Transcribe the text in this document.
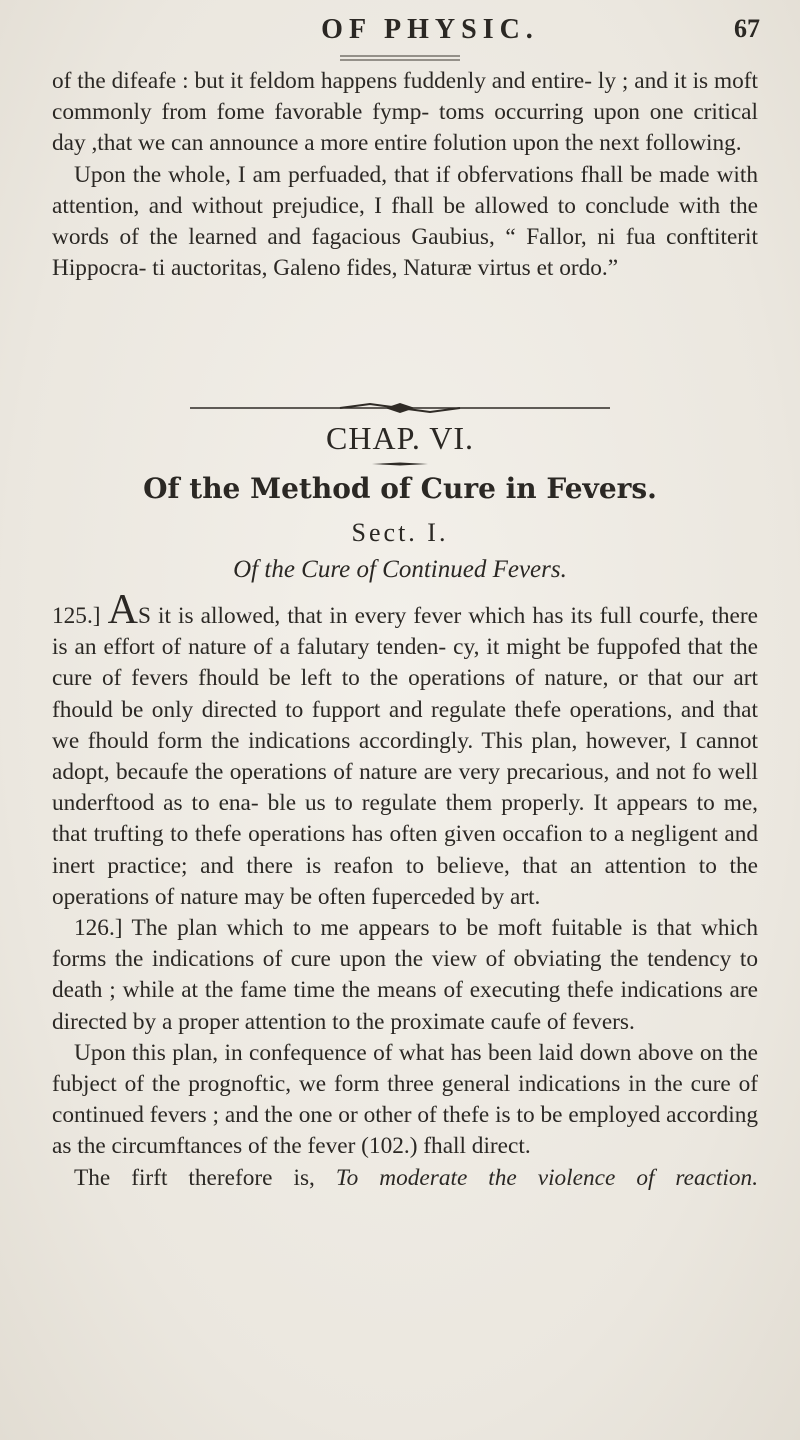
OF PHYSIC.	67

of the difeafe : but it feldom happens fuddenly and entire- ly ; and it is moft commonly from fome favorable fymp- toms occurring upon one critical day ,that we can announce a more entire folution upon the next following.

Upon the whole, I am perfuaded, that if obfervations fhall be made with attention, and without prejudice, I fhall be allowed to conclude with the words of the learned and fagacious Gaubius, “ Fallor, ni fua conftiterit Hippocra- ti auctoritas, Galeno fides, Naturæ virtus et ordo.”

CHAP. VI.
Of the Method of Cure in Fevers.
Sect. I.
Of the Cure of Continued Fevers.

125.] AS it is allowed, that in every fever which has its full courfe, there is an effort of nature of a falutary tenden- cy, it might be fuppofed that the cure of fevers fhould be left to the operations of nature, or that our art fhould be only directed to fupport and regulate thefe operations, and that we fhould form the indications accordingly. This plan, however, I cannot adopt, becaufe the operations of nature are very precarious, and not fo well underftood as to ena- ble us to regulate them properly. It appears to me, that trufting to thefe operations has often given occafion to a negligent and inert practice; and there is reafon to believe, that an attention to the operations of nature may be often fuperceded by art.

126.] The plan which to me appears to be moft fuitable is that which forms the indications of cure upon the view of obviating the tendency to death ; while at the fame time the means of executing thefe indications are directed by a proper attention to the proximate caufe of fevers.

Upon this plan, in confequence of what has been laid down above on the fubject of the prognoftic, we form three general indications in the cure of continued fevers ; and the one or other of thefe is to be employed according as the circumftances of the fever (102.) fhall direct.

The firft therefore is, To moderate the violence of reaction.
